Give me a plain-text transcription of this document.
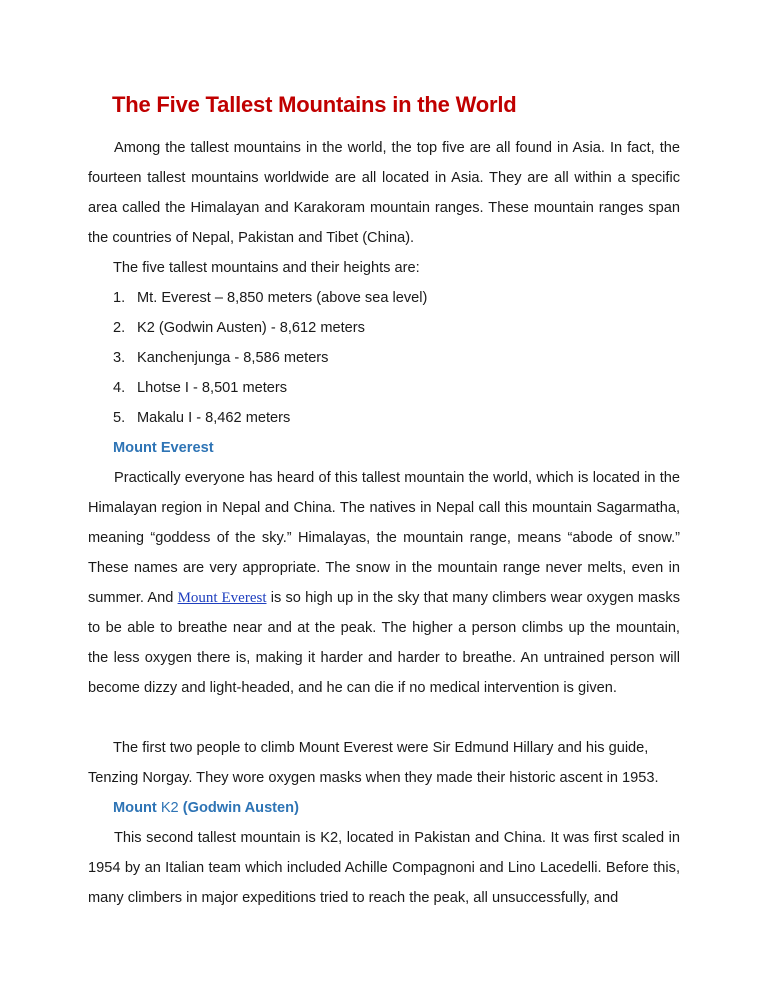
The Five Tallest Mountains in the World

Among the tallest mountains in the world, the top five are all found in Asia. In fact, the fourteen tallest mountains worldwide are all located in Asia. They are all within a specific area called the Himalayan and Karakoram mountain ranges. These mountain ranges span the countries of Nepal, Pakistan and Tibet (China).

The five tallest mountains and their heights are:
1. Mt. Everest – 8,850 meters (above sea level)
2. K2 (Godwin Austen) - 8,612 meters
3. Kanchenjunga - 8,586 meters
4. Lhotse I - 8,501 meters
5. Makalu I - 8,462 meters
Mount Everest

Practically everyone has heard of this tallest mountain the world, which is located in the Himalayan region in Nepal and China. The natives in Nepal call this mountain Sagarmatha, meaning “goddess of the sky.” Himalayas, the mountain range, means “abode of snow.” These names are very appropriate. The snow in the mountain range never melts, even in summer. And Mount Everest is so high up in the sky that many climbers wear oxygen masks to be able to breathe near and at the peak. The higher a person climbs up the mountain, the less oxygen there is, making it harder and harder to breathe. An untrained person will become dizzy and light-headed, and he can die if no medical intervention is given.

The first two people to climb Mount Everest were Sir Edmund Hillary and his guide,
Tenzing Norgay. They wore oxygen masks when they made their historic ascent in 1953.
Mount K2 (Godwin Austen)

This second tallest mountain is K2, located in Pakistan and China. It was first scaled in 1954 by an Italian team which included Achille Compagnoni and Lino Lacedelli. Before this, many climbers in major expeditions tried to reach the peak, all unsuccessfully, and
